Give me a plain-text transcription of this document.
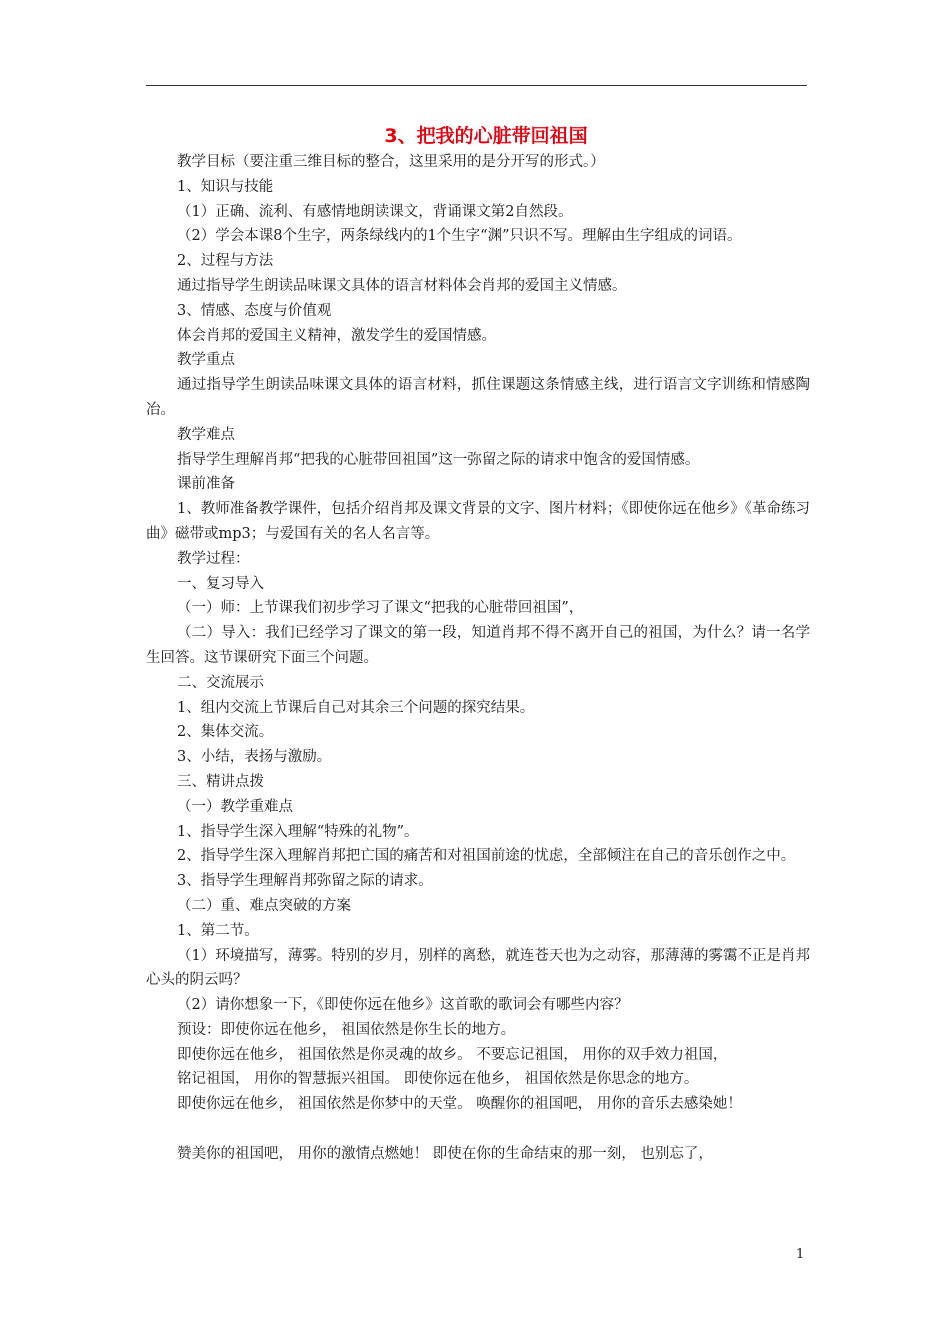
3、把我的心脏带回祖国

教学目标（要注重三维目标的整合，这里采用的是分开写的形式。）

1、知识与技能

（1）正确、流利、有感情地朗读课文，背诵课文第2自然段。

（2）学会本课8个生字，两条绿线内的1个生字“渊”只识不写。理解由生字组成的词语。

2、过程与方法

通过指导学生朗读品味课文具体的语言材料体会肖邦的爱国主义情感。

3、情感、态度与价值观

体会肖邦的爱国主义精神，激发学生的爱国情感。

教学重点

通过指导学生朗读品味课文具体的语言材料，抓住课题这条情感主线，进行语言文字训练和情感陶冶。

教学难点

指导学生理解肖邦“把我的心脏带回祖国”这一弥留之际的请求中饱含的爱国情感。

课前准备

1、教师准备教学课件，包括介绍肖邦及课文背景的文字、图片材料；《即使你远在他乡》《革命练习曲》磁带或mp3；与爱国有关的名人名言等。

教学过程：

一、复习导入

（一）师：上节课我们初步学习了课文“把我的心脏带回祖国”，

（二）导入：我们已经学习了课文的第一段，知道肖邦不得不离开自己的祖国，为什么？请一名学生回答。这节课研究下面三个问题。

二、交流展示

1、组内交流上节课后自己对其余三个问题的探究结果。

2、集体交流。

3、小结，表扬与激励。

三、精讲点拨

（一）教学重难点

1、指导学生深入理解“特殊的礼物”。

2、指导学生深入理解肖邦把亡国的痛苦和对祖国前途的忧虑，全部倾注在自己的音乐创作之中。

3、指导学生理解肖邦弥留之际的请求。

（二）重、难点突破的方案

1、第二节。

（1）环境描写，薄雾。特别的岁月，别样的离愁，就连苍天也为之动容，那薄薄的雾霭不正是肖邦心头的阴云吗？

（2）请你想象一下，《即使你远在他乡》这首歌的歌词会有哪些内容？

预设：即使你远在他乡， 祖国依然是你生长的地方。

即使你远在他乡， 祖国依然是你灵魂的故乡。 不要忘记祖国， 用你的双手效力祖国，

铭记祖国， 用你的智慧振兴祖国。 即使你远在他乡， 祖国依然是你思念的地方。

即使你远在他乡， 祖国依然是你梦中的天堂。 唤醒你的祖国吧， 用你的音乐去感染她！

赞美你的祖国吧， 用你的激情点燃她！ 即使在你的生命结束的那一刻， 也别忘了，

1
